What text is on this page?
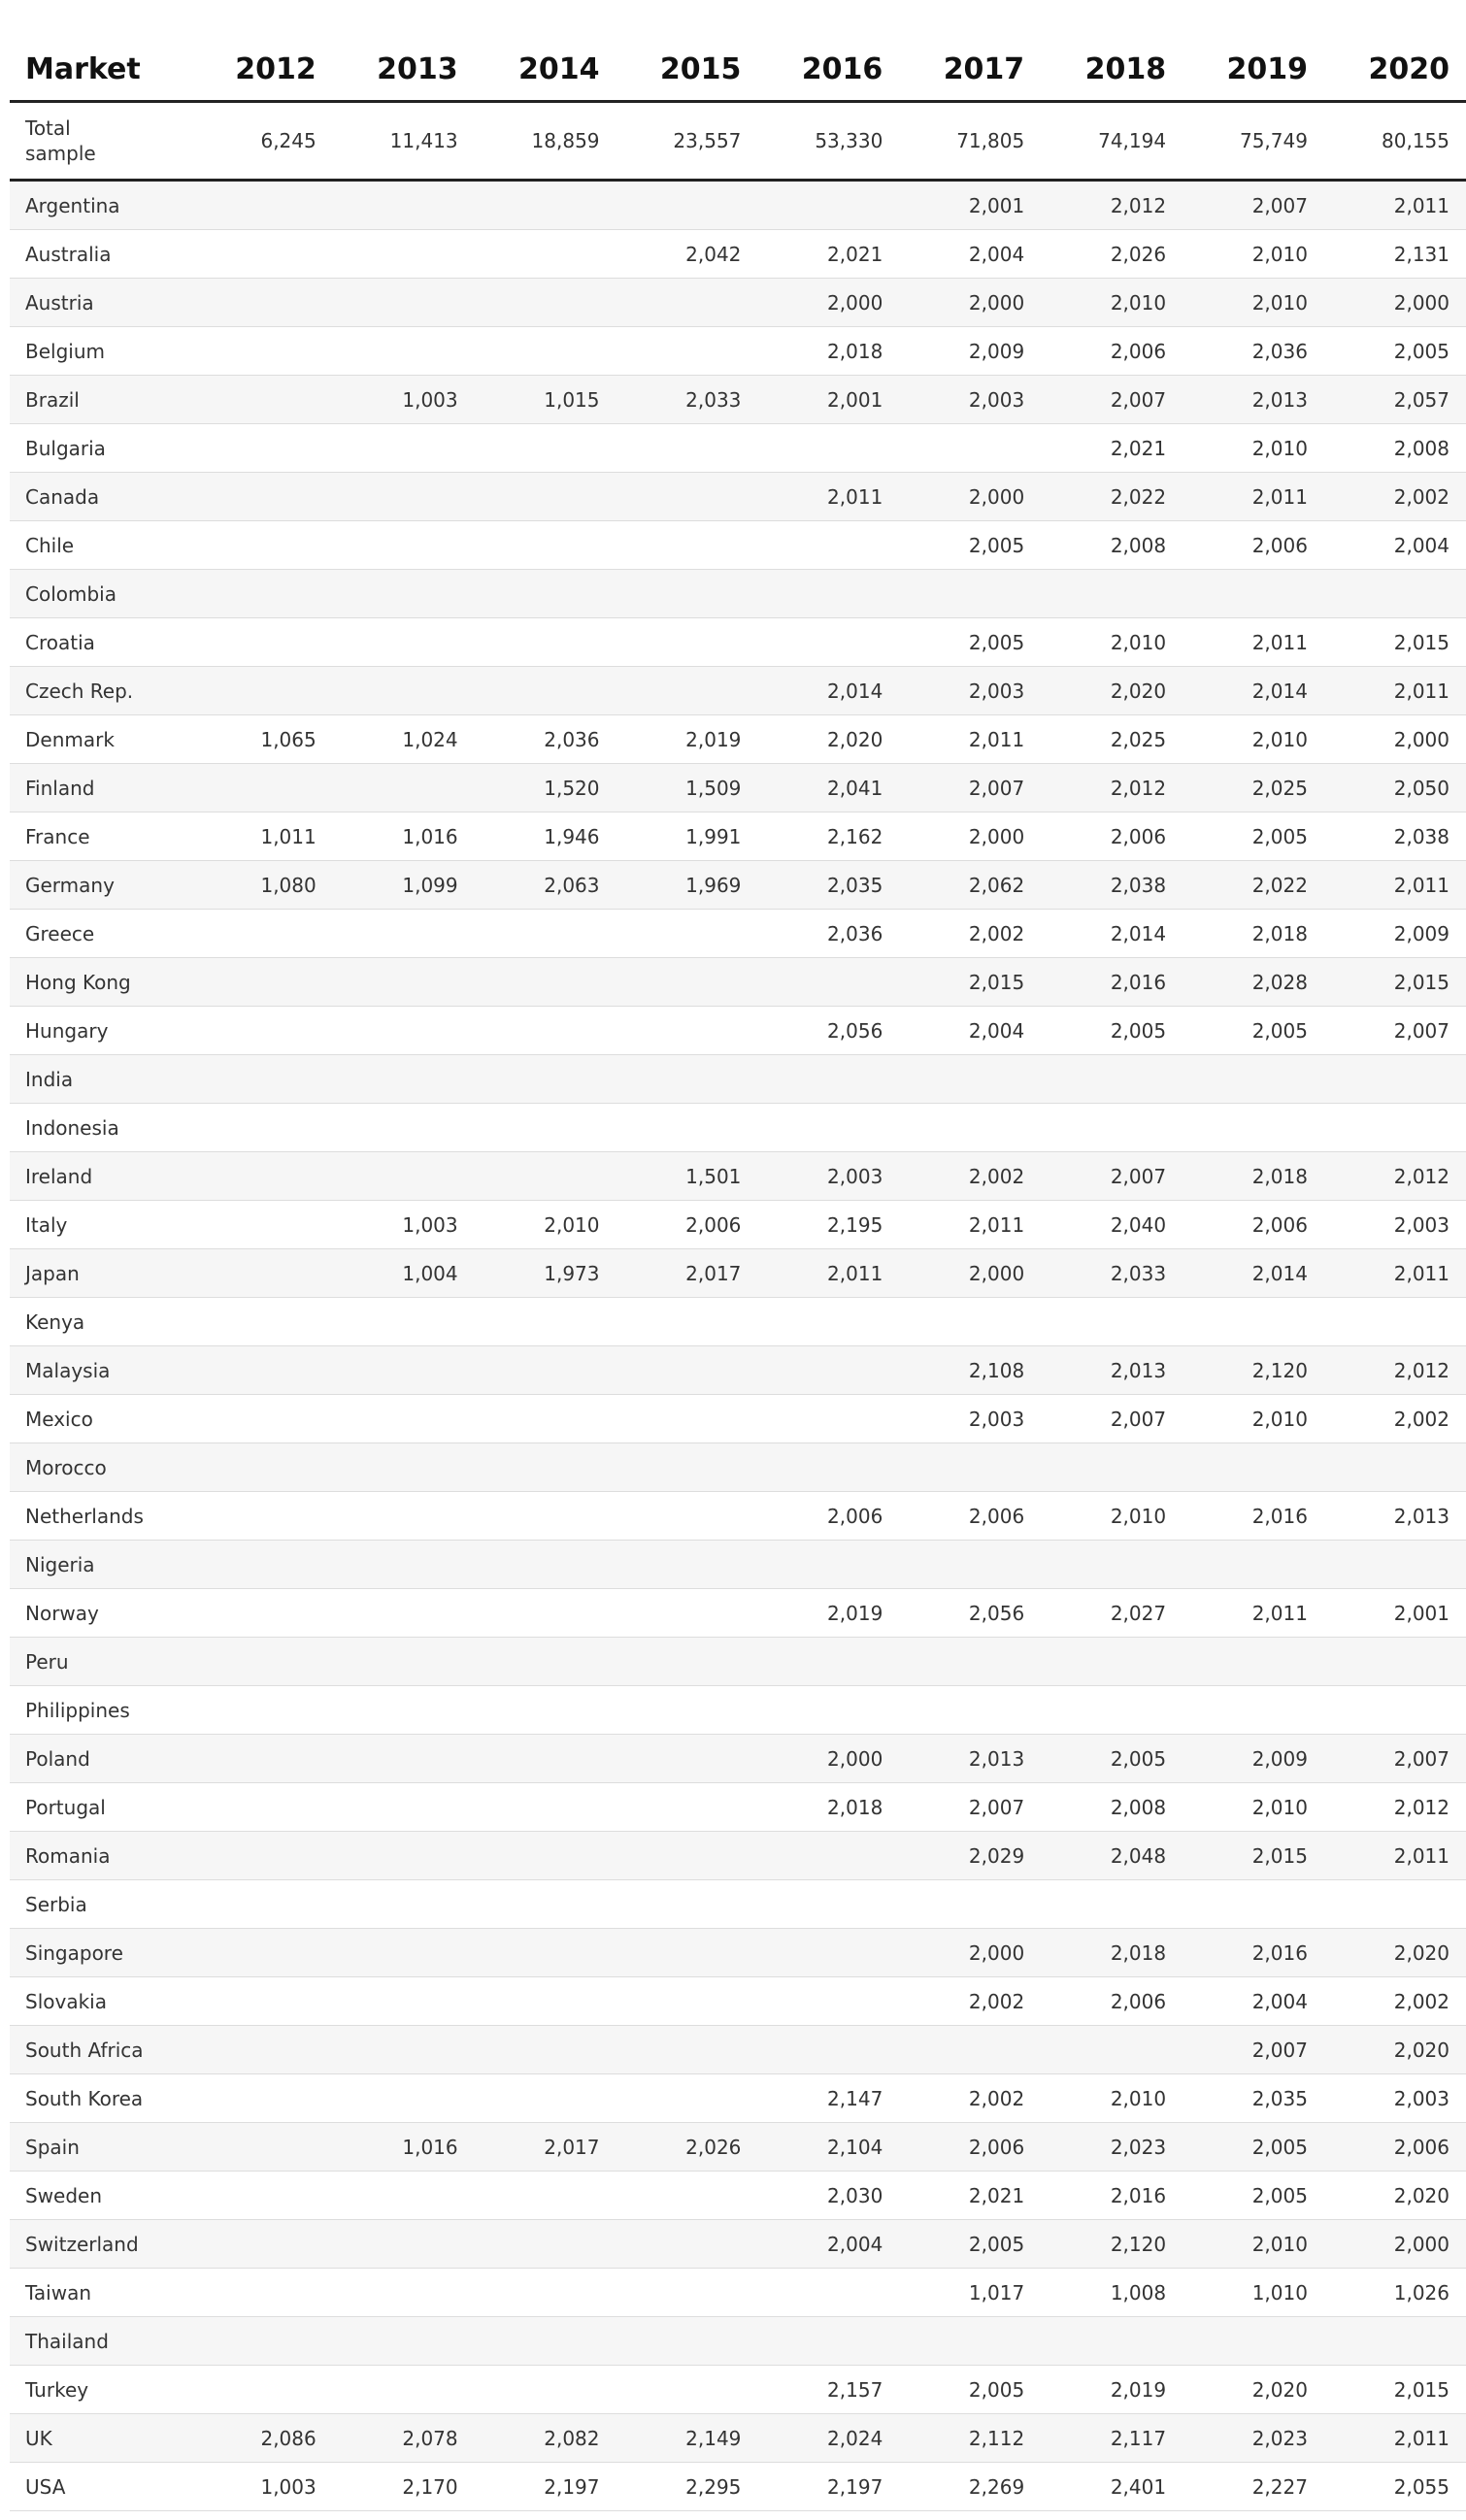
Market	2012	2013	2014	2015	2016	2017	2018	2019	2020
Total sample	6,245	11,413	18,859	23,557	53,330	71,805	74,194	75,749	80,155
Argentina						2,001	2,012	2,007	2,011
Australia				2,042	2,021	2,004	2,026	2,010	2,131
Austria					2,000	2,000	2,010	2,010	2,000
Belgium					2,018	2,009	2,006	2,036	2,005
Brazil		1,003	1,015	2,033	2,001	2,003	2,007	2,013	2,057
Bulgaria							2,021	2,010	2,008
Canada					2,011	2,000	2,022	2,011	2,002
Chile						2,005	2,008	2,006	2,004
Colombia									
Croatia						2,005	2,010	2,011	2,015
Czech Rep.					2,014	2,003	2,020	2,014	2,011
Denmark	1,065	1,024	2,036	2,019	2,020	2,011	2,025	2,010	2,000
Finland			1,520	1,509	2,041	2,007	2,012	2,025	2,050
France	1,011	1,016	1,946	1,991	2,162	2,000	2,006	2,005	2,038
Germany	1,080	1,099	2,063	1,969	2,035	2,062	2,038	2,022	2,011
Greece					2,036	2,002	2,014	2,018	2,009
Hong Kong						2,015	2,016	2,028	2,015
Hungary					2,056	2,004	2,005	2,005	2,007
India									
Indonesia									
Ireland				1,501	2,003	2,002	2,007	2,018	2,012
Italy		1,003	2,010	2,006	2,195	2,011	2,040	2,006	2,003
Japan		1,004	1,973	2,017	2,011	2,000	2,033	2,014	2,011
Kenya									
Malaysia						2,108	2,013	2,120	2,012
Mexico						2,003	2,007	2,010	2,002
Morocco									
Netherlands					2,006	2,006	2,010	2,016	2,013
Nigeria									
Norway					2,019	2,056	2,027	2,011	2,001
Peru									
Philippines									
Poland					2,000	2,013	2,005	2,009	2,007
Portugal					2,018	2,007	2,008	2,010	2,012
Romania						2,029	2,048	2,015	2,011
Serbia									
Singapore						2,000	2,018	2,016	2,020
Slovakia						2,002	2,006	2,004	2,002
South Africa								2,007	2,020
South Korea					2,147	2,002	2,010	2,035	2,003
Spain		1,016	2,017	2,026	2,104	2,006	2,023	2,005	2,006
Sweden					2,030	2,021	2,016	2,005	2,020
Switzerland					2,004	2,005	2,120	2,010	2,000
Taiwan						1,017	1,008	1,010	1,026
Thailand									
Turkey					2,157	2,005	2,019	2,020	2,015
UK	2,086	2,078	2,082	2,149	2,024	2,112	2,117	2,023	2,011
USA	1,003	2,170	2,197	2,295	2,197	2,269	2,401	2,227	2,055
